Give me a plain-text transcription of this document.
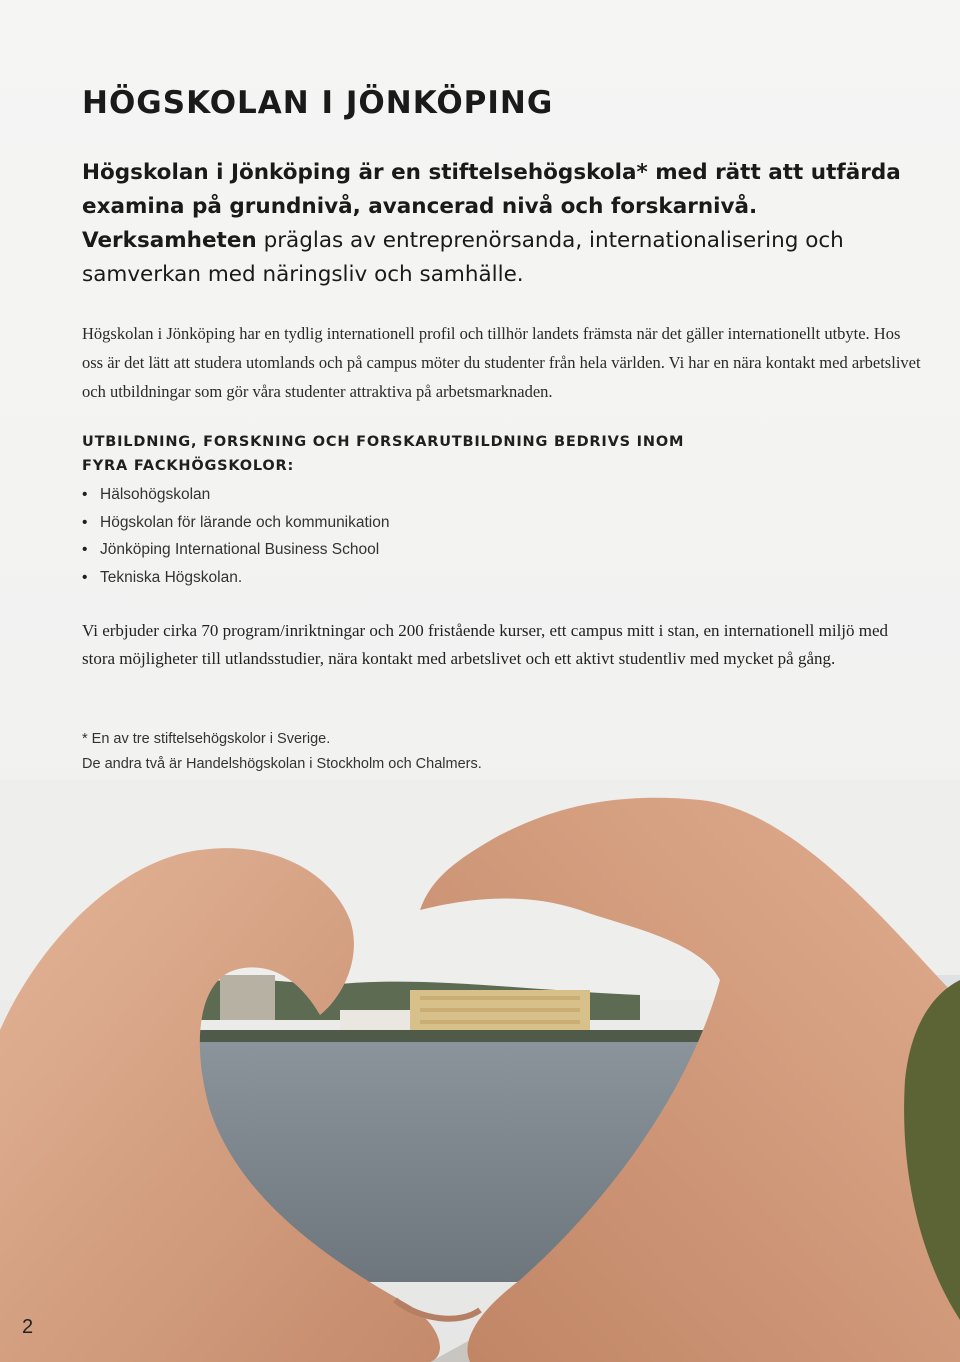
HÖGSKOLAN I JÖNKÖPING

Högskolan i Jönköping är en stiftelsehögskola* med rätt att utfärda examina på grundnivå, avancerad nivå och forskarnivå. Verksamheten präglas av entreprenörsanda, internationalisering och samverkan med näringsliv och samhälle.

Högskolan i Jönköping har en tydlig internationell profil och tillhör landets främsta när det gäller internationellt utbyte. Hos oss är det lätt att studera utomlands och på campus möter du studenter från hela världen. Vi har en nära kontakt med arbetslivet och utbildningar som gör våra studenter attraktiva på arbetsmarknaden.

UTBILDNING, FORSKNING OCH FORSKARUTBILDNING BEDRIVS INOM
FYRA FACKHÖGSKOLOR:
• Hälsohögskolan
• Högskolan för lärande och kommunikation
• Jönköping International Business School
• Tekniska Högskolan.

Vi erbjuder cirka 70 program/inriktningar och 200 fristående kurser, ett campus mitt i stan, en internationell miljö med stora möjligheter till utlandsstudier, nära kontakt med arbetslivet och ett aktivt studentliv med mycket på gång.

* En av tre stiftelsehögskolor i Sverige.
De andra två är Handelshögskolan i Stockholm och Chalmers.

2
